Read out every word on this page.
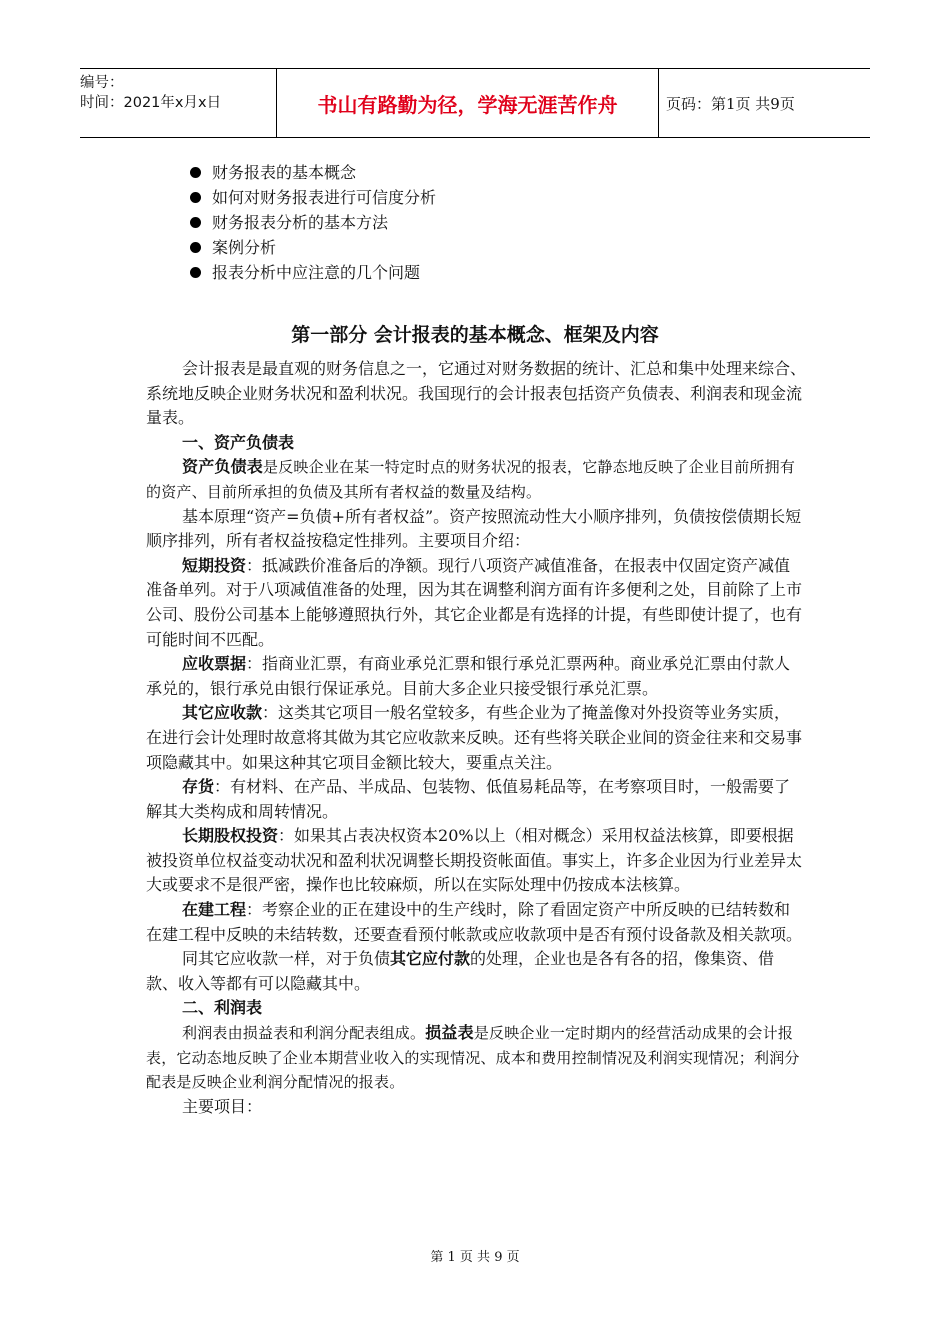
编号：
时间：2021年x月x日	书山有路勤为径，学海无涯苦作舟	页码：第1页 共9页
财务报表的基本概念
如何对财务报表进行可信度分析
财务报表分析的基本方法
案例分析
报表分析中应注意的几个问题
第一部分 会计报表的基本概念、框架及内容

会计报表是最直观的财务信息之一，它通过对财务数据的统计、汇总和集中处理来综合、系统地反映企业财务状况和盈利状况。我国现行的会计报表包括资产负债表、利润表和现金流量表。

一、资产负债表

资产负债表是反映企业在某一特定时点的财务状况的报表，它静态地反映了企业目前所拥有的资产、目前所承担的负债及其所有者权益的数量及结构。

基本原理“资产=负债+所有者权益”。资产按照流动性大小顺序排列，负债按偿债期长短顺序排列，所有者权益按稳定性排列。主要项目介绍：

短期投资：抵减跌价准备后的净额。现行八项资产减值准备，在报表中仅固定资产减值准备单列。对于八项减值准备的处理，因为其在调整利润方面有许多便利之处，目前除了上市公司、股份公司基本上能够遵照执行外，其它企业都是有选择的计提，有些即使计提了，也有可能时间不匹配。

应收票据：指商业汇票，有商业承兑汇票和银行承兑汇票两种。商业承兑汇票由付款人承兑的，银行承兑由银行保证承兑。目前大多企业只接受银行承兑汇票。

其它应收款：这类其它项目一般名堂较多，有些企业为了掩盖像对外投资等业务实质，在进行会计处理时故意将其做为其它应收款来反映。还有些将关联企业间的资金往来和交易事项隐藏其中。如果这种其它项目金额比较大，要重点关注。

存货：有材料、在产品、半成品、包装物、低值易耗品等，在考察项目时，一般需要了解其大类构成和周转情况。

长期股权投资：如果其占表决权资本20%以上（相对概念）采用权益法核算，即要根据被投资单位权益变动状况和盈利状况调整长期投资帐面值。事实上，许多企业因为行业差异太大或要求不是很严密，操作也比较麻烦，所以在实际处理中仍按成本法核算。

在建工程：考察企业的正在建设中的生产线时，除了看固定资产中所反映的已结转数和在建工程中反映的未结转数，还要查看预付帐款或应收款项中是否有预付设备款及相关款项。

同其它应收款一样，对于负债其它应付款的处理，企业也是各有各的招，像集资、借款、收入等都有可以隐藏其中。

二、利润表

利润表由损益表和利润分配表组成。损益表是反映企业一定时期内的经营活动成果的会计报表，它动态地反映了企业本期营业收入的实现情况、成本和费用控制情况及利润实现情况；利润分配表是反映企业利润分配情况的报表。

主要项目：

第 1 页 共 9 页
